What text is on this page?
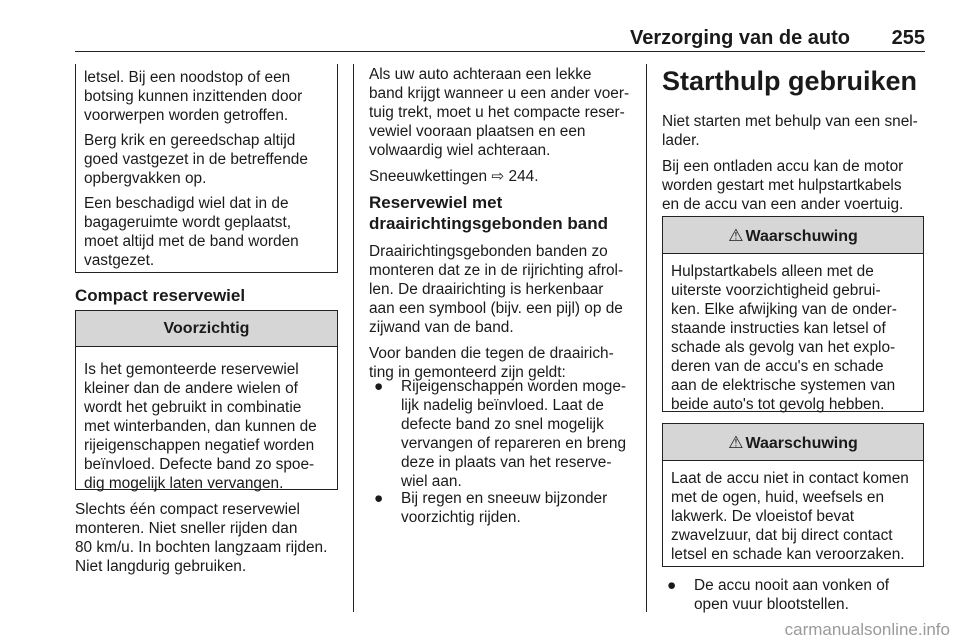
Verzorging van de auto	255

letsel. Bij een noodstop of een

botsing kunnen inzittenden door

voorwerpen worden getroffen.

Berg krik en gereedschap altijd

goed vastgezet in de betreffende

opbergvakken op.

Een beschadigd wiel dat in de

bagageruimte wordt geplaatst,

moet altijd met de band worden

vastgezet.

Compact reservewiel
Voorzichtig

Is het gemonteerde reservewiel

kleiner dan de andere wielen of

wordt het gebruikt in combinatie

met winterbanden, dan kunnen de

rijeigenschappen negatief worden

beïnvloed. Defecte band zo spoe-

dig mogelijk laten vervangen.

Slechts één compact reservewiel

monteren. Niet sneller rijden dan

80 km/u. In bochten langzaam rijden.

Niet langdurig gebruiken.

Als uw auto achteraan een lekke

band krijgt wanneer u een ander voer-

tuig trekt, moet u het compacte reser-

vewiel vooraan plaatsen en een

volwaardig wiel achteraan.

Sneeuwkettingen ⇨ 244.

Reservewiel met
draairichtingsgebonden band

Draairichtingsgebonden banden zo

monteren dat ze in de rijrichting afrol-

len. De draairichting is herkenbaar

aan een symbool (bijv. een pijl) op de

zijwand van de band.

Voor banden die tegen de draairich-

ting in gemonteerd zijn geldt:

● Rijeigenschappen worden moge-
lijk nadelig beïnvloed. Laat de
defecte band zo snel mogelijk
vervangen of repareren en breng
deze in plaats van het reserve-
wiel aan.
● Bij regen en sneeuw bijzonder
voorzichtig rijden.
Starthulp gebruiken

Niet starten met behulp van een snel-

lader.

Bij een ontladen accu kan de motor

worden gestart met hulpstartkabels

en de accu van een ander voertuig.

⚠ Waarschuwing

Hulpstartkabels alleen met de

uiterste voorzichtigheid gebrui-

ken. Elke afwijking van de onder-

staande instructies kan letsel of

schade als gevolg van het explo-

deren van de accu's en schade

aan de elektrische systemen van

beide auto's tot gevolg hebben.

⚠ Waarschuwing

Laat de accu niet in contact komen

met de ogen, huid, weefsels en

lakwerk. De vloeistof bevat

zwavelzuur, dat bij direct contact

letsel en schade kan veroorzaken.

● De accu nooit aan vonken of
open vuur blootstellen.
carmanualsonline.info
